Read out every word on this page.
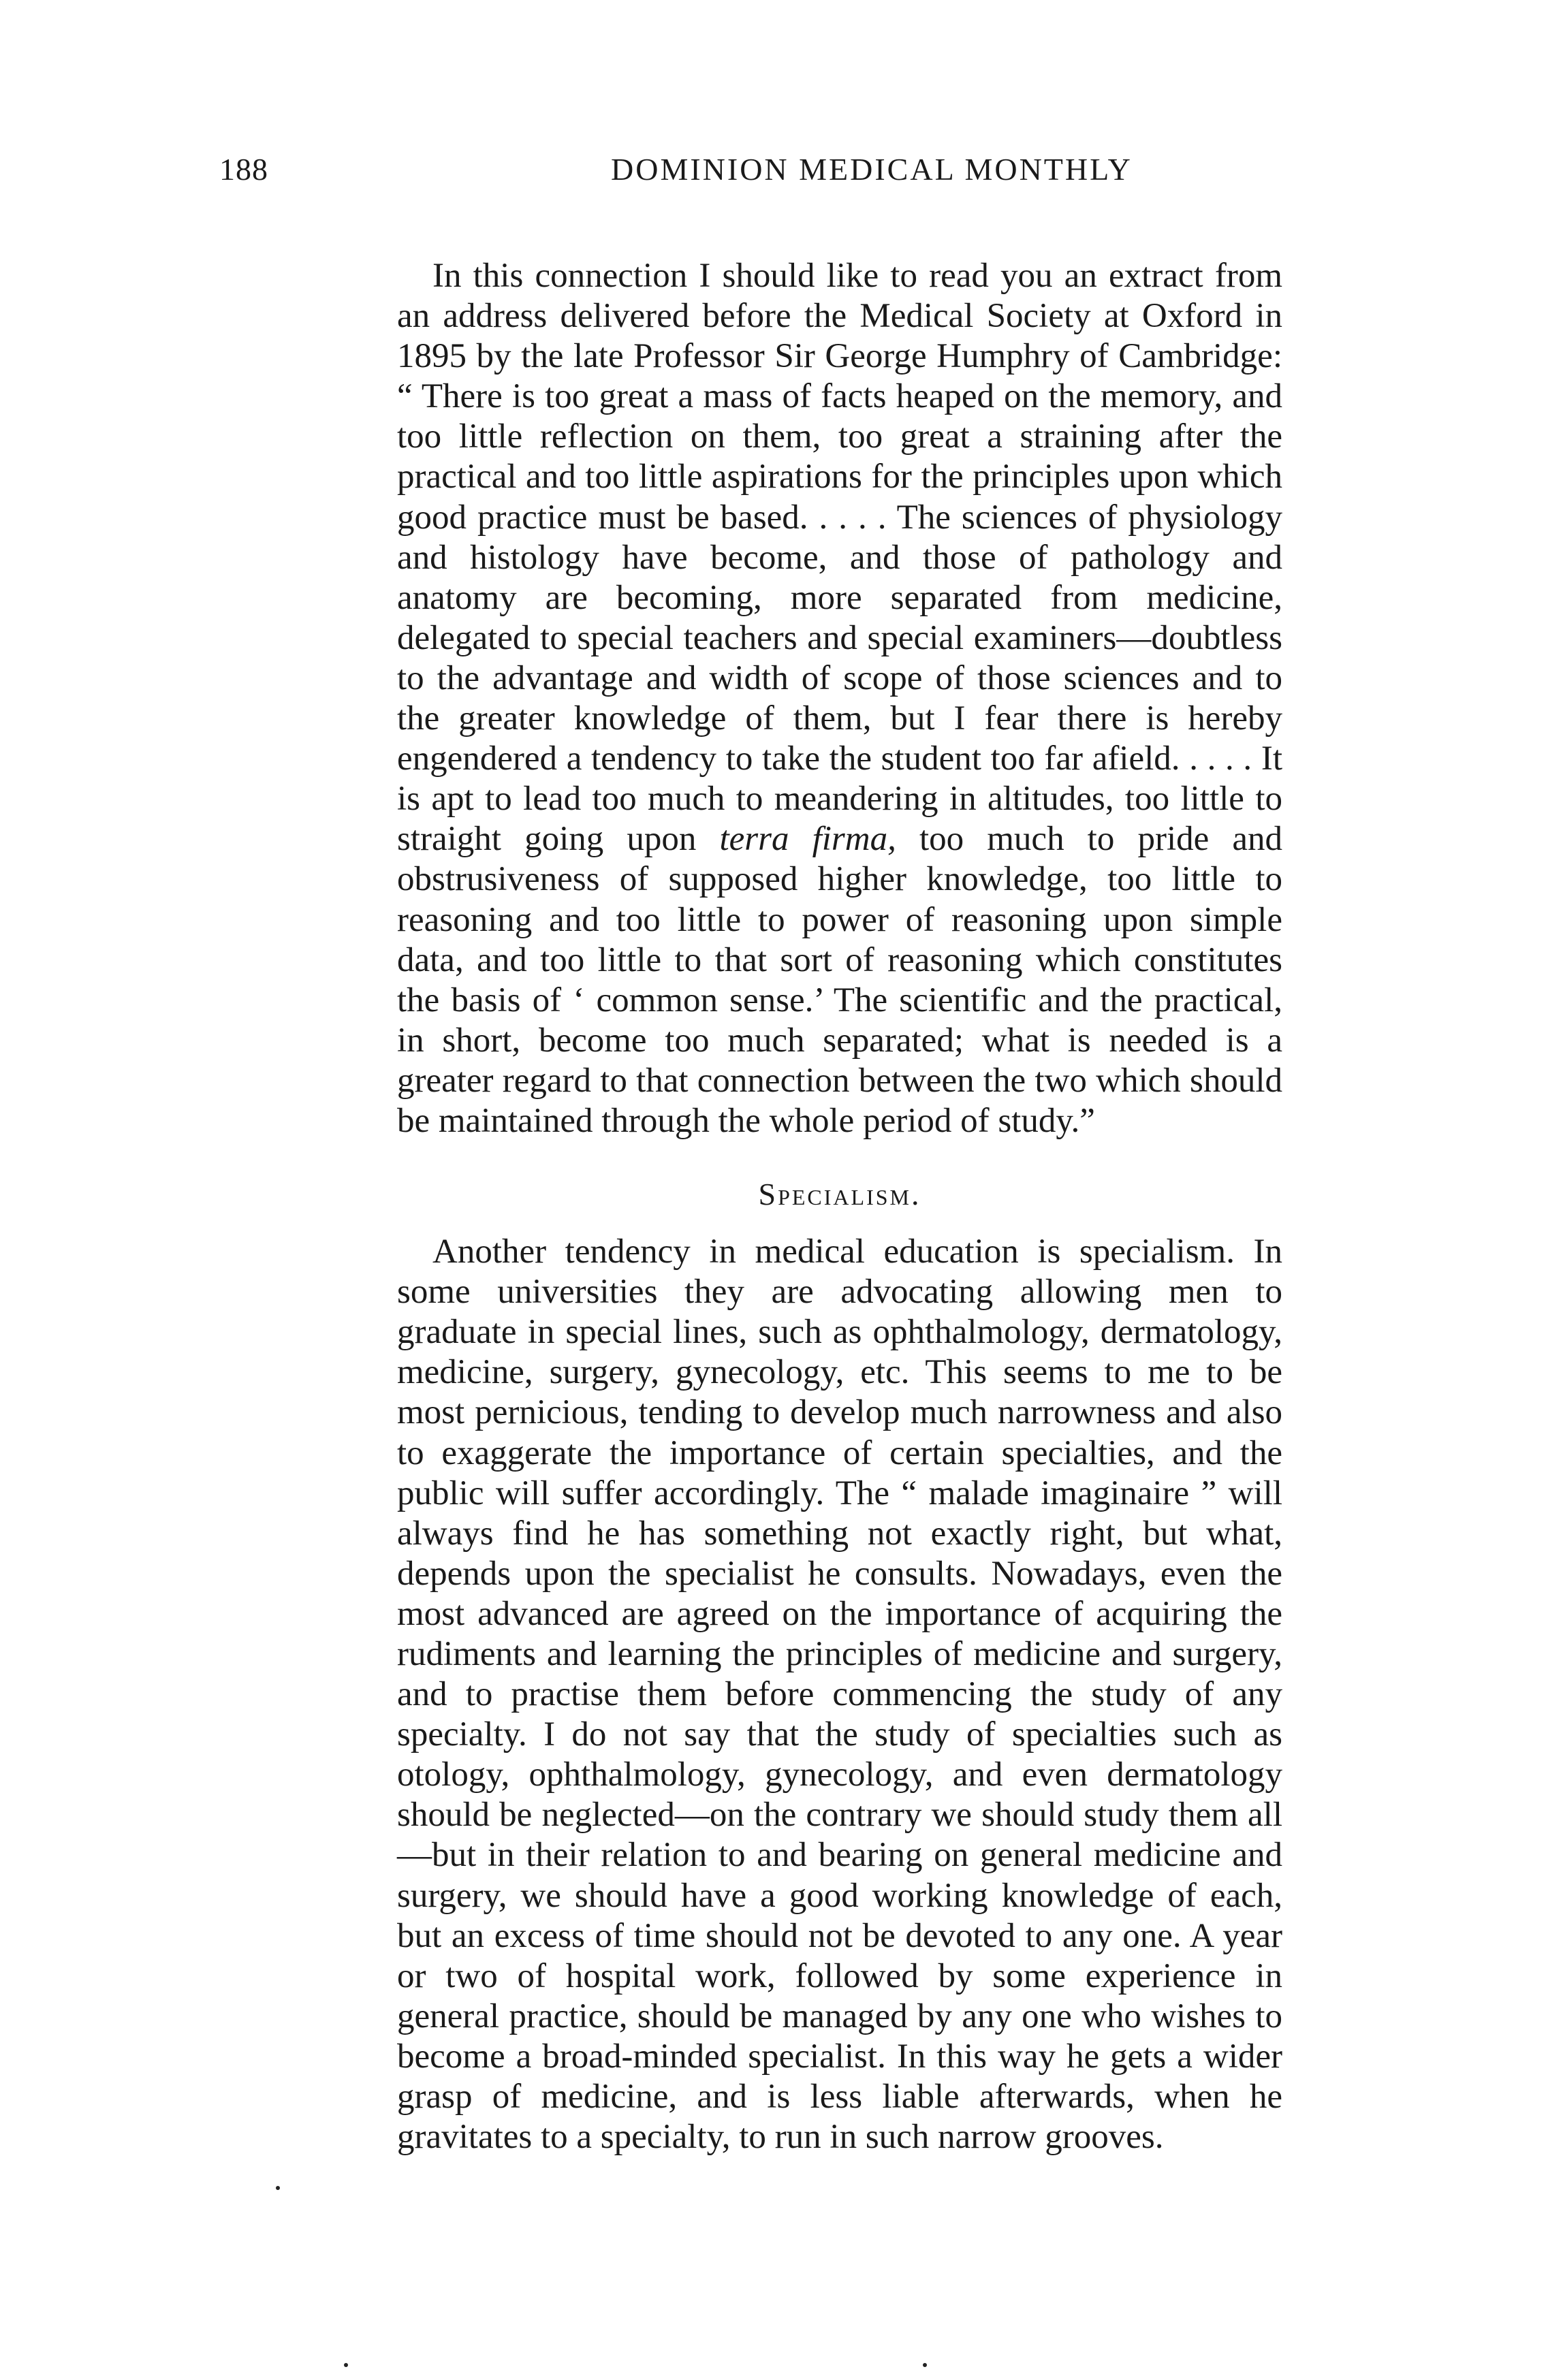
188	DOMINION MEDICAL MONTHLY

In this connection I should like to read you an extract from an address delivered before the Medical Society at Oxford in 1895 by the late Professor Sir George Humphry of Cambridge: “ There is too great a mass of facts heaped on the memory, and too little reflection on them, too great a straining after the practical and too little aspirations for the principles upon which good practice must be based. . . . . The sciences of physiology and histology have become, and those of pathology and anatomy are becoming, more separated from medicine, delegated to special teachers and special examiners—doubtless to the advantage and width of scope of those sciences and to the greater knowledge of them, but I fear there is hereby engendered a tendency to take the student too far afield. . . . . It is apt to lead too much to meandering in altitudes, too little to straight going upon terra firma, too much to pride and obstrusiveness of supposed higher knowledge, too little to reasoning and too little to power of reasoning upon simple data, and too little to that sort of reasoning which constitutes the basis of ‘ common sense.’ The scientific and the practical, in short, become too much separated; what is needed is a greater regard to that connection between the two which should be maintained through the whole period of study.”

Specialism.

Another tendency in medical education is specialism. In some universities they are advocating allowing men to graduate in special lines, such as ophthalmology, dermatology, medicine, surgery, gynecology, etc. This seems to me to be most pernicious, tending to develop much narrowness and also to exaggerate the importance of certain specialties, and the public will suffer accordingly. The “ malade imaginaire ” will always find he has something not exactly right, but what, depends upon the specialist he consults. Nowadays, even the most advanced are agreed on the importance of acquiring the rudiments and learning the principles of medicine and surgery, and to practise them before commencing the study of any specialty. I do not say that the study of specialties such as otology, ophthalmology, gynecology, and even dermatology should be neglected—on the contrary we should study them all—but in their relation to and bearing on general medicine and surgery, we should have a good working knowledge of each, but an excess of time should not be devoted to any one. A year or two of hospital work, followed by some experience in general practice, should be managed by any one who wishes to become a broad-minded specialist. In this way he gets a wider grasp of medicine, and is less liable afterwards, when he gravitates to a specialty, to run in such narrow grooves.
